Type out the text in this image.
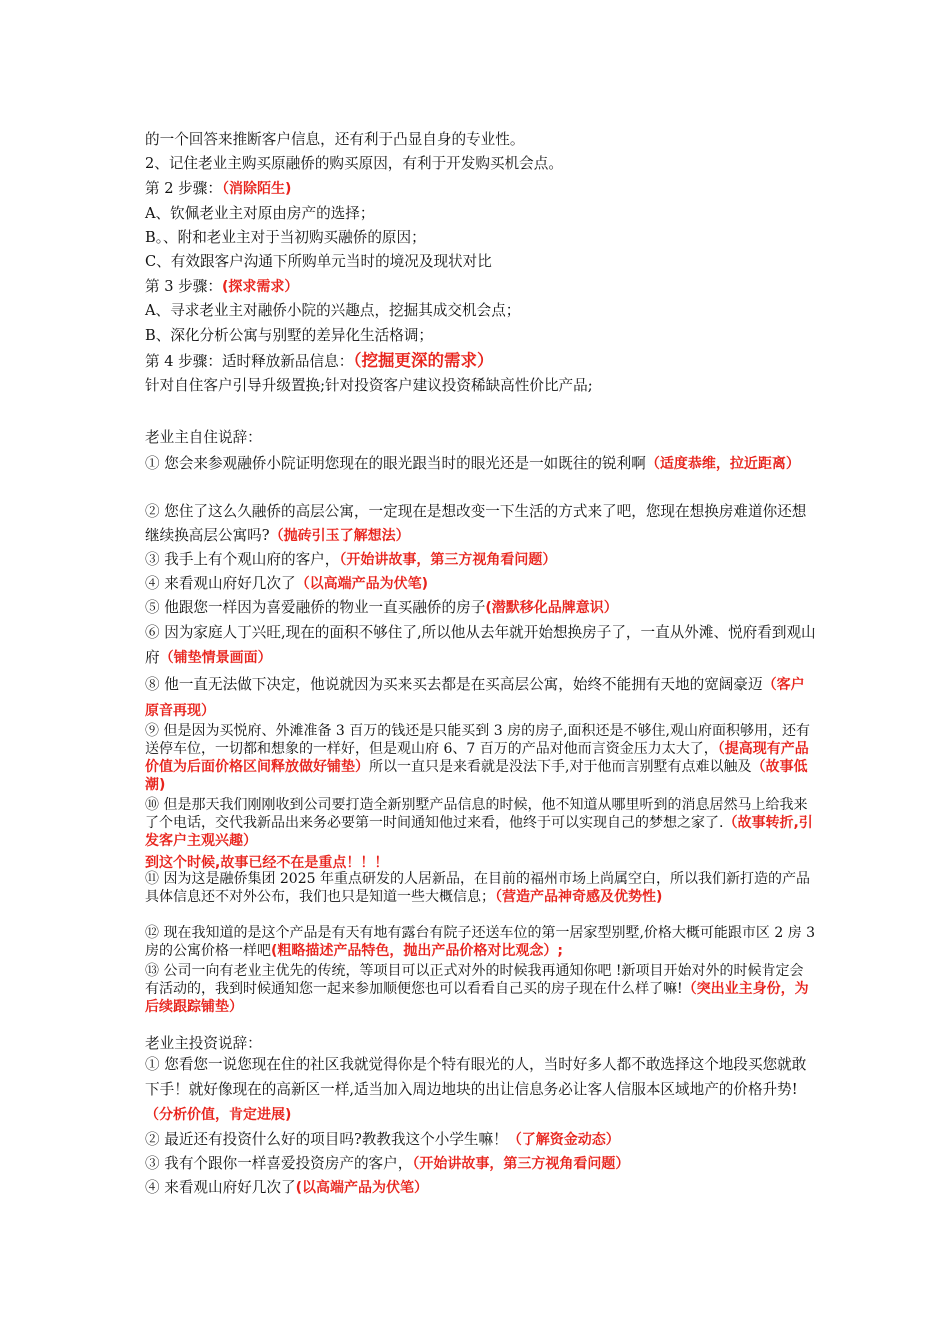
的一个回答来推断客户信息，还有利于凸显自身的专业性。
2、记住老业主购买原融侨的购买原因，有利于开发购买机会点。
第 2 步骤：（消除陌生)
A、钦佩老业主对原由房产的选择；
B。、附和老业主对于当初购买融侨的原因；
C、有效跟客户沟通下所购单元当时的境况及现状对比
第 3 步骤：(探求需求）
A、寻求老业主对融侨小院的兴趣点，挖掘其成交机会点；
B、深化分析公寓与别墅的差异化生活格调；
第 4 步骤：适时释放新品信息：（挖掘更深的需求）
针对自住客户引导升级置换;针对投资客户建议投资稀缺高性价比产品;
老业主自住说辞：
① 您会来参观融侨小院证明您现在的眼光跟当时的眼光还是一如既往的锐利啊（适度恭维，拉近距离）
② 您住了这么久融侨的高层公寓，一定现在是想改变一下生活的方式来了吧，您现在想换房难道你还想继续换高层公寓吗?（抛砖引玉了解想法）
③ 我手上有个观山府的客户，（开始讲故事，第三方视角看问题）
④ 来看观山府好几次了（以高端产品为伏笔)
⑤ 他跟您一样因为喜爱融侨的物业一直买融侨的房子(潜默移化品牌意识）
⑥ 因为家庭人丁兴旺,现在的面积不够住了,所以他从去年就开始想换房子了，一直从外滩、悦府看到观山府（铺垫情景画面）
⑧ 他一直无法做下决定，他说就因为买来买去都是在买高层公寓，始终不能拥有天地的宽阔豪迈（客户原音再现）
⑨ 但是因为买悦府、外滩准备 3 百万的钱还是只能买到 3 房的房子,面积还是不够住,观山府面积够用，还有送停车位，一切都和想象的一样好，但是观山府 6、7 百万的产品对他而言资金压力太大了，（提高现有产品价值为后面价格区间释放做好铺垫）所以一直只是来看就是没法下手,对于他而言别墅有点难以触及（故事低潮)
⑩ 但是那天我们刚刚收到公司要打造全新别墅产品信息的时候，他不知道从哪里听到的消息居然马上给我来了个电话，交代我新品出来务必要第一时间通知他过来看，他终于可以实现自己的梦想之家了.（故事转折,引发客户主观兴趣）
到这个时候,故事已经不在是重点！！！
⑪ 因为这是融侨集团 2025 年重点研发的人居新品，在目前的福州市场上尚属空白，所以我们新打造的产品具体信息还不对外公布，我们也只是知道一些大概信息；（营造产品神奇感及优势性)
⑫ 现在我知道的是这个产品是有天有地有露台有院子还送车位的第一居家型别墅,价格大概可能跟市区 2 房 3 房的公寓价格一样吧(粗略描述产品特色，抛出产品价格对比观念）;
⑬ 公司一向有老业主优先的传统，等项目可以正式对外的时候我再通知你吧 !新项目开始对外的时候肯定会有活动的，我到时候通知您一起来参加顺便您也可以看看自己买的房子现在什么样了嘛!（突出业主身份，为后续跟踪铺垫）
老业主投资说辞：
① 您看您一说您现在住的社区我就觉得你是个特有眼光的人，当时好多人都不敢选择这个地段买您就敢下手！就好像现在的高新区一样,适当加入周边地块的出让信息务必让客人信服本区域地产的价格升势!（分析价值，肯定进展)
② 最近还有投资什么好的项目吗?教教我这个小学生嘛！（了解资金动态）
③ 我有个跟你一样喜爱投资房产的客户，（开始讲故事，第三方视角看问题）
④ 来看观山府好几次了(以高端产品为伏笔）
